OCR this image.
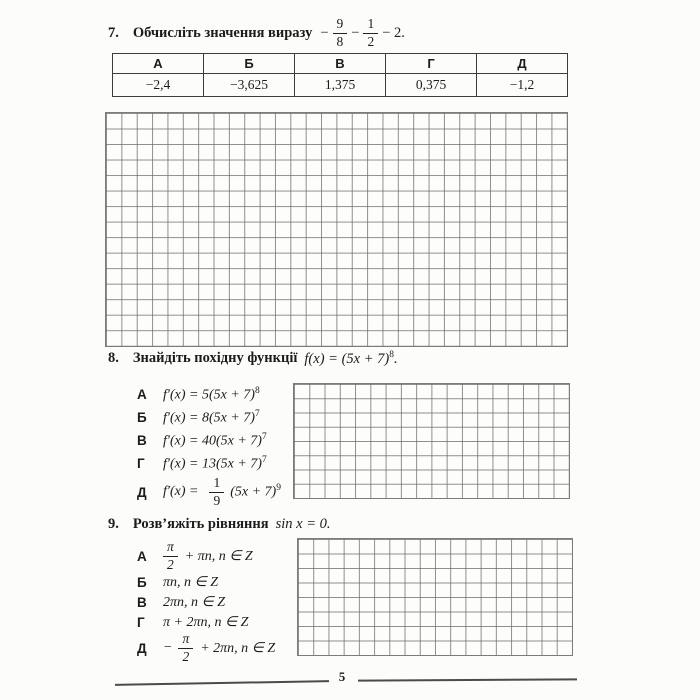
7. Обчисліть значення виразу − $\frac{9}{8} - \frac{1}{2} - 2$.
А	Б	В	Г	Д
−2,4	−3,625	1,375	0,375	−1,2
8. Знайдіть похідну функції $f(x) = (5x + 7)^8$.
А	$f'(x) = 5(5x + 7)^8$
Б	$f'(x) = 8(5x + 7)^7$
В	$f'(x) = 40(5x + 7)^7$
Г	$f'(x) = 13(5x + 7)^7$
Д	$f'(x) = \frac{1}{9} (5x + 7)^9$
9. Розв’яжіть рівняння sin x = 0.
А	$\frac{\pi}{2} + \pi n$, n ∈ Z
Б	πn, n ∈ Z
В	2πn, n ∈ Z
Г	π + 2πn, n ∈ Z
Д	− $\frac{\pi}{2} + 2\pi n$, n ∈ Z
5
